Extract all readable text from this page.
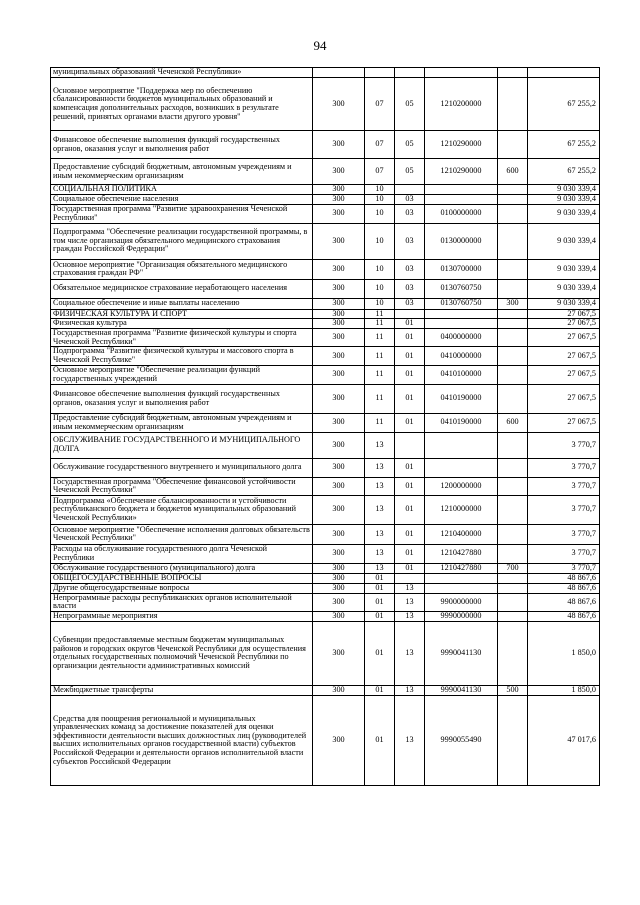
94
муниципальных образований Чеченской Республики»						
Основное мероприятие "Поддержка мер по обеспечению сбалансированности бюджетов муниципальных образований и компенсация дополнительных расходов, возникших в результате решений, принятых органами власти другого уровня"	300	07	05	1210200000		67 255,2
Финансовое обеспечение выполнения функций государственных органов, оказания услуг и выполнения работ	300	07	05	1210290000		67 255,2
Предоставление субсидий бюджетным, автономным учреждениям и иным некоммерческим организациям	300	07	05	1210290000	600	67 255,2
СОЦИАЛЬНАЯ ПОЛИТИКА	300	10				9 030 339,4
Социальное обеспечение населения	300	10	03			9 030 339,4
Государственная программа "Развитие здравоохранения Чеченской Республики"	300	10	03	0100000000		9 030 339,4
Подпрограмма "Обеспечение реализации государственной программы, в том числе организация обязательного медицинского страхования граждан Российской Федерации"	300	10	03	0130000000		9 030 339,4
Основное мероприятие "Организация обязательного медицинского страхования граждан РФ"	300	10	03	0130700000		9 030 339,4
Обязательное медицинское страхование неработающего населения	300	10	03	0130760750		9 030 339,4
Социальное обеспечение и иные выплаты населению	300	10	03	0130760750	300	9 030 339,4
ФИЗИЧЕСКАЯ КУЛЬТУРА И СПОРТ	300	11				27 067,5
Физическая культура	300	11	01			27 067,5
Государственная программа "Развитие физической культуры и спорта Чеченской Республики"	300	11	01	0400000000		27 067,5
Подпрограмма "Развитие физической культуры и массового спорта в Чеченской Республике"	300	11	01	0410000000		27 067,5
Основное мероприятие "Обеспечение реализации функций государственных учреждений	300	11	01	0410100000		27 067,5
Финансовое обеспечение выполнения функций государственных органов, оказания услуг и выполнения работ	300	11	01	0410190000		27 067,5
Предоставление субсидий бюджетным, автономным учреждениям и иным некоммерческим организациям	300	11	01	0410190000	600	27 067,5
ОБСЛУЖИВАНИЕ ГОСУДАРСТВЕННОГО И МУНИЦИПАЛЬНОГО ДОЛГА	300	13				3 770,7
Обслуживание государственного внутреннего и муниципального долга	300	13	01			3 770,7
Государственная программа "Обеспечение финансовой устойчивости Чеченской Республики"	300	13	01	1200000000		3 770,7
Подпрограмма «Обеспечение сбалансированности и устойчивости республиканского бюджета и бюджетов муниципальных образований Чеченской Республики»	300	13	01	1210000000		3 770,7
Основное мероприятие "Обеспечение исполнения долговых обязательств Чеченской Республики"	300	13	01	1210400000		3 770,7
Расходы на обслуживание государственного долга Чеченской Республики	300	13	01	1210427880		3 770,7
Обслуживание государственного (муниципального) долга	300	13	01	1210427880	700	3 770,7
ОБЩЕГОСУДАРСТВЕННЫЕ ВОПРОСЫ	300	01				48 867,6
Другие общегосударственные вопросы	300	01	13			48 867,6
Непрограммные расходы республиканских органов исполнительной власти	300	01	13	9900000000		48 867,6
Непрограммные мероприятия	300	01	13	9990000000		48 867,6
Субвенции предоставляемые местным бюджетам муниципальных районов и городских округов Чеченской Республики для осуществления отдельных государственных полномочий Чеченской Республики по организации деятельности административных комиссий	300	01	13	9990041130		1 850,0
Межбюджетные трансферты	300	01	13	9990041130	500	1 850,0
Средства для поощрения региональной и муниципальных управленческих команд за достижение показателей для оценки эффективности деятельности высших должностных лиц (руководителей высших исполнительных органов государственной власти) субъектов Российской Федерации и деятельности органов исполнительной власти субъектов Российской Федерации	300	01	13	9990055490		47 017,6
